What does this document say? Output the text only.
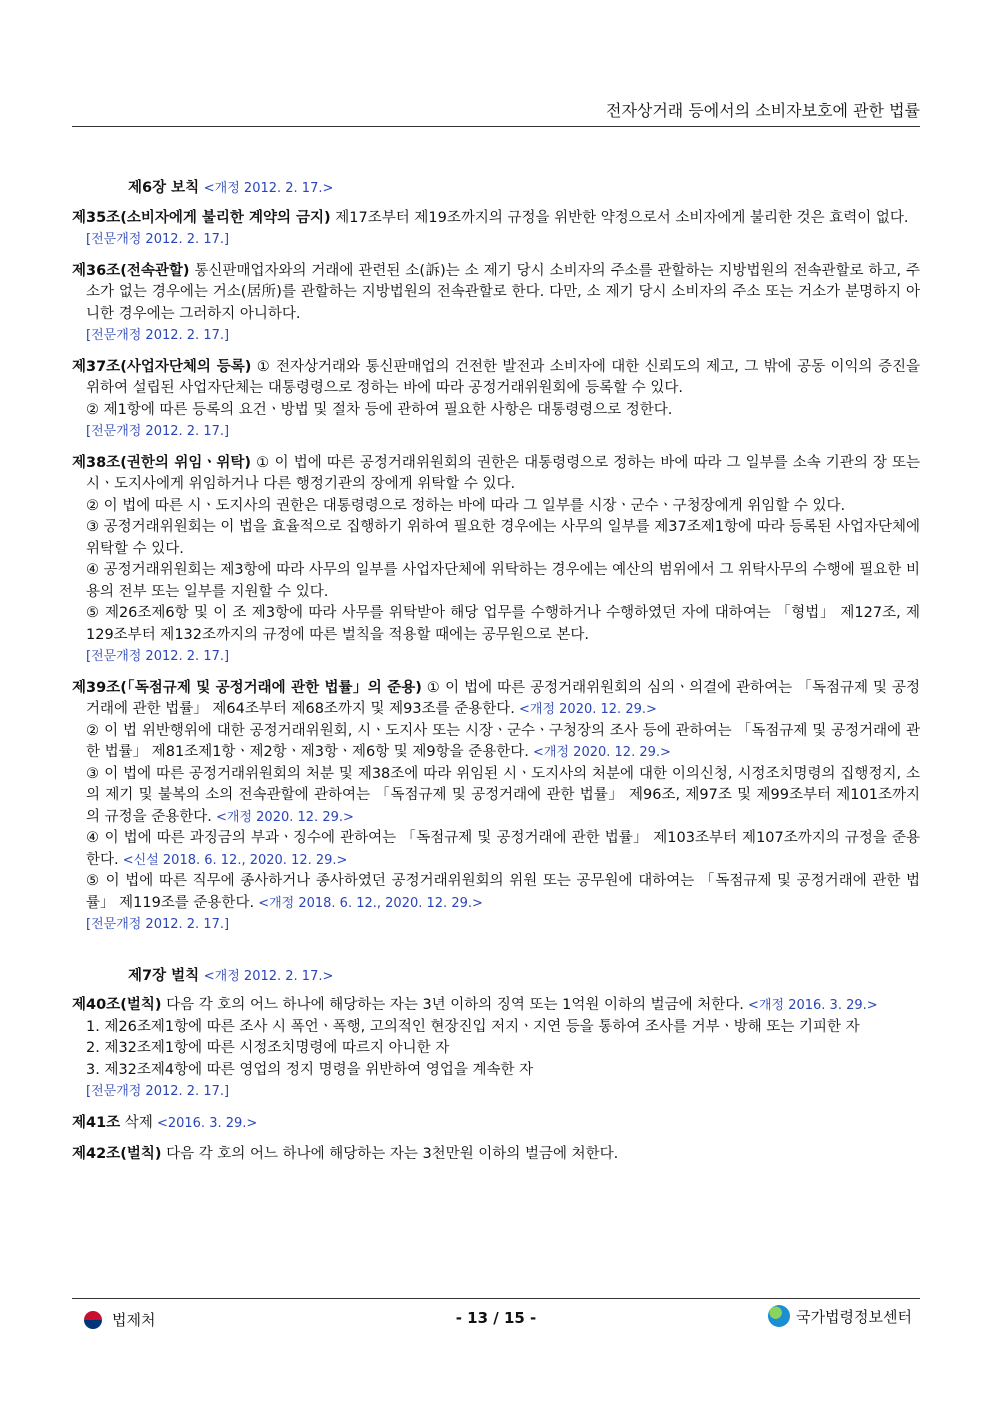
전자상거래 등에서의 소비자보호에 관한 법률
제6장 보칙 <개정 2012. 2. 17.>
제35조(소비자에게 불리한 계약의 금지) 제17조부터 제19조까지의 규정을 위반한 약정으로서 소비자에게 불리한 것은 효력이 없다.
[전문개정 2012. 2. 17.]
제36조(전속관할) 통신판매업자와의 거래에 관련된 소(訴)는 소 제기 당시 소비자의 주소를 관할하는 지방법원의 전속관할로 하고, 주소가 없는 경우에는 거소(居所)를 관할하는 지방법원의 전속관할로 한다. 다만, 소 제기 당시 소비자의 주소 또는 거소가 분명하지 아니한 경우에는 그러하지 아니하다.
[전문개정 2012. 2. 17.]
제37조(사업자단체의 등록) ① 전자상거래와 통신판매업의 건전한 발전과 소비자에 대한 신뢰도의 제고, 그 밖에 공동 이익의 증진을 위하여 설립된 사업자단체는 대통령령으로 정하는 바에 따라 공정거래위원회에 등록할 수 있다.
② 제1항에 따른 등록의 요건ㆍ방법 및 절차 등에 관하여 필요한 사항은 대통령령으로 정한다.
[전문개정 2012. 2. 17.]
제38조(권한의 위임ㆍ위탁) ① 이 법에 따른 공정거래위원회의 권한은 대통령령으로 정하는 바에 따라 그 일부를 소속 기관의 장 또는 시ㆍ도지사에게 위임하거나 다른 행정기관의 장에게 위탁할 수 있다.
② 이 법에 따른 시ㆍ도지사의 권한은 대통령령으로 정하는 바에 따라 그 일부를 시장ㆍ군수ㆍ구청장에게 위임할 수 있다.
③ 공정거래위원회는 이 법을 효율적으로 집행하기 위하여 필요한 경우에는 사무의 일부를 제37조제1항에 따라 등록된 사업자단체에 위탁할 수 있다.
④ 공정거래위원회는 제3항에 따라 사무의 일부를 사업자단체에 위탁하는 경우에는 예산의 범위에서 그 위탁사무의 수행에 필요한 비용의 전부 또는 일부를 지원할 수 있다.
⑤ 제26조제6항 및 이 조 제3항에 따라 사무를 위탁받아 해당 업무를 수행하거나 수행하였던 자에 대하여는 「형법」 제127조, 제129조부터 제132조까지의 규정에 따른 벌칙을 적용할 때에는 공무원으로 본다.
[전문개정 2012. 2. 17.]
제39조(「독점규제 및 공정거래에 관한 법률」의 준용) ① 이 법에 따른 공정거래위원회의 심의ㆍ의결에 관하여는 「독점규제 및 공정거래에 관한 법률」 제64조부터 제68조까지 및 제93조를 준용한다. <개정 2020. 12. 29.>
② 이 법 위반행위에 대한 공정거래위원회, 시ㆍ도지사 또는 시장ㆍ군수ㆍ구청장의 조사 등에 관하여는 「독점규제 및 공정거래에 관한 법률」 제81조제1항ㆍ제2항ㆍ제3항ㆍ제6항 및 제9항을 준용한다. <개정 2020. 12. 29.>
③ 이 법에 따른 공정거래위원회의 처분 및 제38조에 따라 위임된 시ㆍ도지사의 처분에 대한 이의신청, 시정조치명령의 집행정지, 소의 제기 및 불복의 소의 전속관할에 관하여는 「독점규제 및 공정거래에 관한 법률」 제96조, 제97조 및 제99조부터 제101조까지의 규정을 준용한다. <개정 2020. 12. 29.>
④ 이 법에 따른 과징금의 부과ㆍ징수에 관하여는 「독점규제 및 공정거래에 관한 법률」 제103조부터 제107조까지의 규정을 준용한다. <신설 2018. 6. 12., 2020. 12. 29.>
⑤ 이 법에 따른 직무에 종사하거나 종사하였던 공정거래위원회의 위원 또는 공무원에 대하여는 「독점규제 및 공정거래에 관한 법률」 제119조를 준용한다. <개정 2018. 6. 12., 2020. 12. 29.>
[전문개정 2012. 2. 17.]
제7장 벌칙 <개정 2012. 2. 17.>
제40조(벌칙) 다음 각 호의 어느 하나에 해당하는 자는 3년 이하의 징역 또는 1억원 이하의 벌금에 처한다. <개정 2016. 3. 29.>
1. 제26조제1항에 따른 조사 시 폭언ㆍ폭행, 고의적인 현장진입 저지ㆍ지연 등을 통하여 조사를 거부ㆍ방해 또는 기피한 자
2. 제32조제1항에 따른 시정조치명령에 따르지 아니한 자
3. 제32조제4항에 따른 영업의 정지 명령을 위반하여 영업을 계속한 자
[전문개정 2012. 2. 17.]
제41조 삭제 <2016. 3. 29.>
제42조(벌칙) 다음 각 호의 어느 하나에 해당하는 자는 3천만원 이하의 벌금에 처한다.
법제처	- 13 / 15 -	국가법령정보센터
